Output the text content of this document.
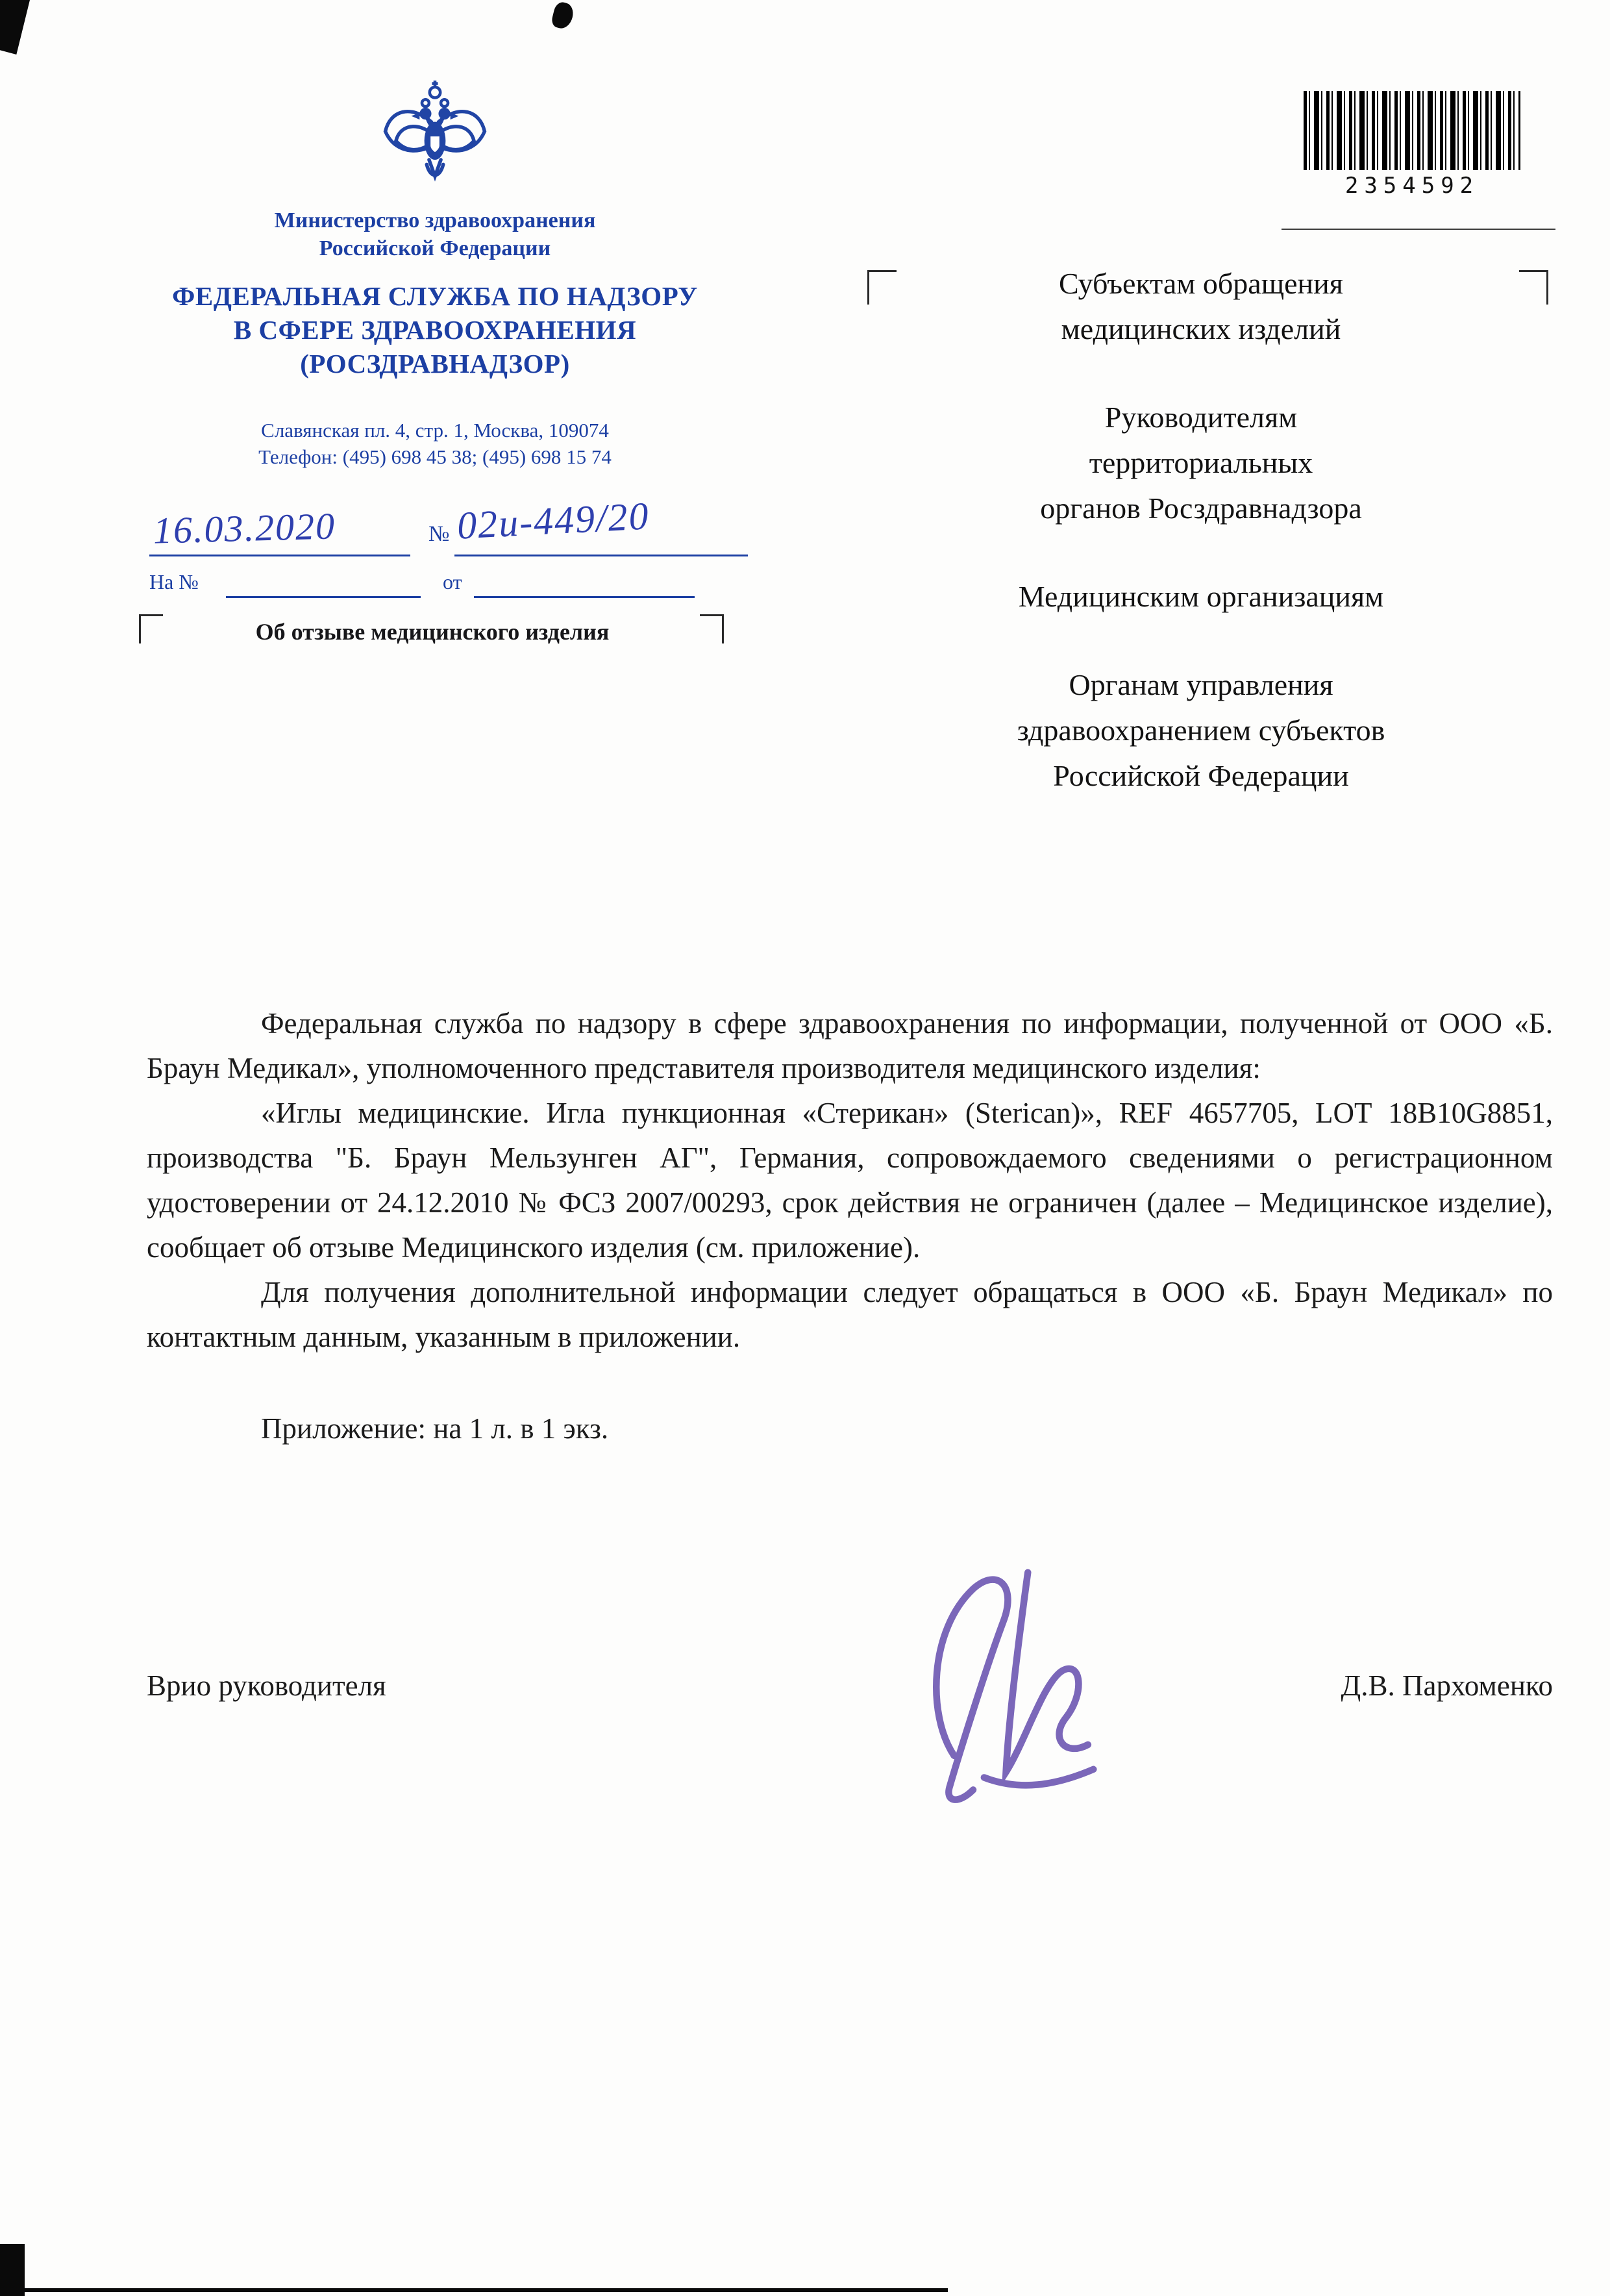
Министерство здравоохранения
Российской Федерации
ФЕДЕРАЛЬНАЯ СЛУЖБА ПО НАДЗОРУ
В СФЕРЕ ЗДРАВООХРАНЕНИЯ
(РОСЗДРАВНАДЗОР)
Славянская пл. 4, стр. 1, Москва, 109074
Телефон: (495) 698 45 38; (495) 698 15 74
16.03.2020	№ 02и-449/20
На №	от
Об отзыве медицинского изделия
Субъектам обращения
медицинских изделий
Руководителям
территориальных
органов Росздравнадзора
Медицинским организациям
Органам управления
здравоохранением субъектов
Российской Федерации
2354592

Федеральная служба по надзору в сфере здравоохранения по информации, полученной от ООО «Б. Браун Медикал», уполномоченного представителя производителя медицинского изделия:

«Иглы медицинские. Игла пункционная «Стерикан» (Sterican)», REF 4657705, LOT 18B10G8851, производства "Б. Браун Мельзунген АГ", Германия, сопровождаемого сведениями о регистрационном удостоверении от 24.12.2010 № ФСЗ 2007/00293, срок действия не ограничен (далее – Медицинское изделие), сообщает об отзыве Медицинского изделия (см. приложение).

Для получения дополнительной информации следует обращаться в ООО «Б. Браун Медикал» по контактным данным, указанным в приложении.

Приложение: на 1 л. в 1 экз.

Врио руководителя	Д.В. Пархоменко
